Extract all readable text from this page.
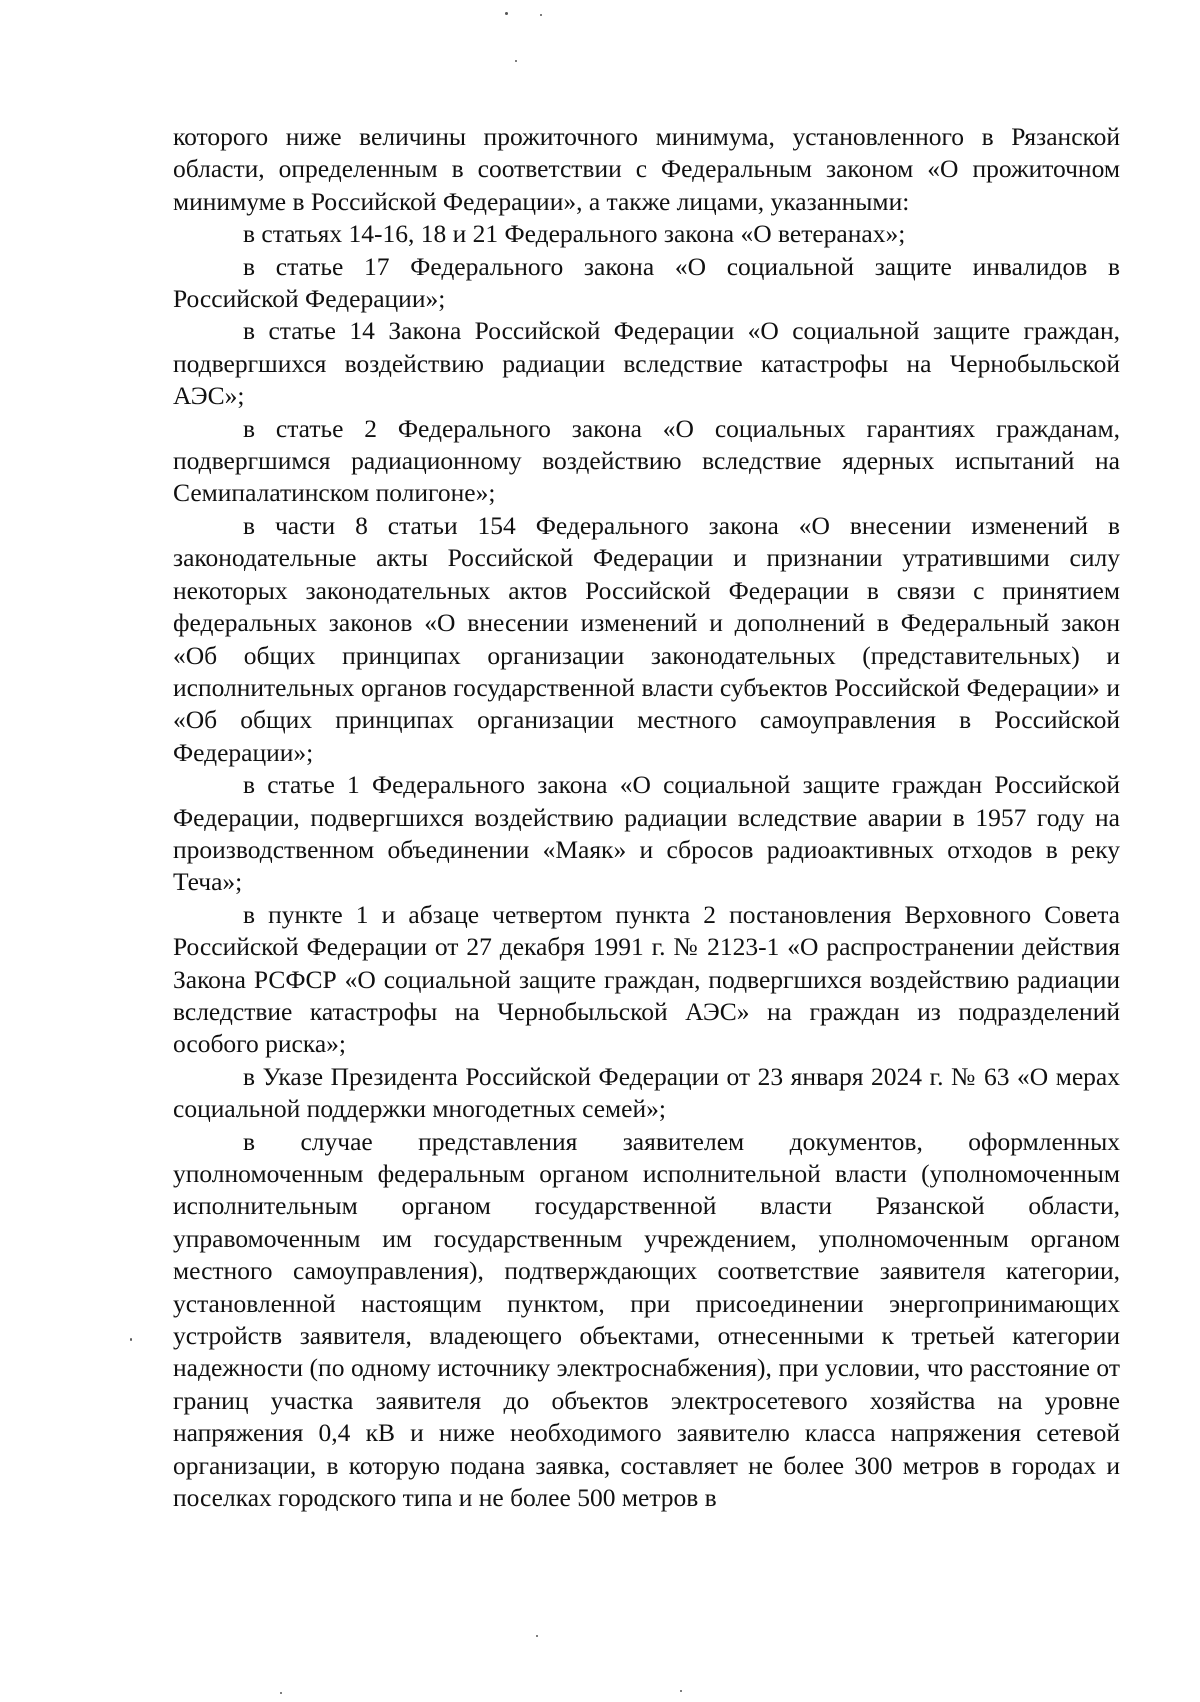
которого ниже величины прожиточного минимума, установленного в Рязанской области, определенным в соответствии с Федеральным законом «О прожиточном минимуме в Российской Федерации», а также лицами, указанными:

в статьях 14-16, 18 и 21 Федерального закона «О ветеранах»;

в статье 17 Федерального закона «О социальной защите инвалидов в Российской Федерации»;

в статье 14 Закона Российской Федерации «О социальной защите граждан, подвергшихся воздействию радиации вследствие катастрофы на Чернобыльской АЭС»;

в статье 2 Федерального закона «О социальных гарантиях гражданам, подвергшимся радиационному воздействию вследствие ядерных испытаний на Семипалатинском полигоне»;

в части 8 статьи 154 Федерального закона «О внесении изменений в законодательные акты Российской Федерации и признании утратившими силу некоторых законодательных актов Российской Федерации в связи с принятием федеральных законов «О внесении изменений и дополнений в Федеральный закон «Об общих принципах организации законодательных (представительных) и исполнительных органов государственной власти субъектов Российской Федерации» и «Об общих принципах организации местного самоуправления в Российской Федерации»;

в статье 1 Федерального закона «О социальной защите граждан Российской Федерации, подвергшихся воздействию радиации вследствие аварии в 1957 году на производственном объединении «Маяк» и сбросов радиоактивных отходов в реку Теча»;

в пункте 1 и абзаце четвертом пункта 2 постановления Верховного Совета Российской Федерации от 27 декабря 1991 г. № 2123-1 «О распространении действия Закона РСФСР «О социальной защите граждан, подвергшихся воздействию радиации вследствие катастрофы на Чернобыльской АЭС» на граждан из подразделений особого риска»;

в Указе Президента Российской Федерации от 23 января 2024 г. № 63 «О мерах социальной поддержки многодетных семей»;

в случае представления заявителем документов, оформленных уполномоченным федеральным органом исполнительной власти (уполномоченным исполнительным органом государственной власти Рязанской области, управомоченным им государственным учреждением, уполномоченным органом местного самоуправления), подтверждающих соответствие заявителя категории, установленной настоящим пунктом, при присоединении энергопринимающих устройств заявителя, владеющего объектами, отнесенными к третьей категории надежности (по одному источнику электроснабжения), при условии, что расстояние от границ участка заявителя до объектов электросетевого хозяйства на уровне напряжения 0,4 кВ и ниже необходимого заявителю класса напряжения сетевой организации, в которую подана заявка, составляет не более 300 метров в городах и поселках городского типа и не более 500 метров в
